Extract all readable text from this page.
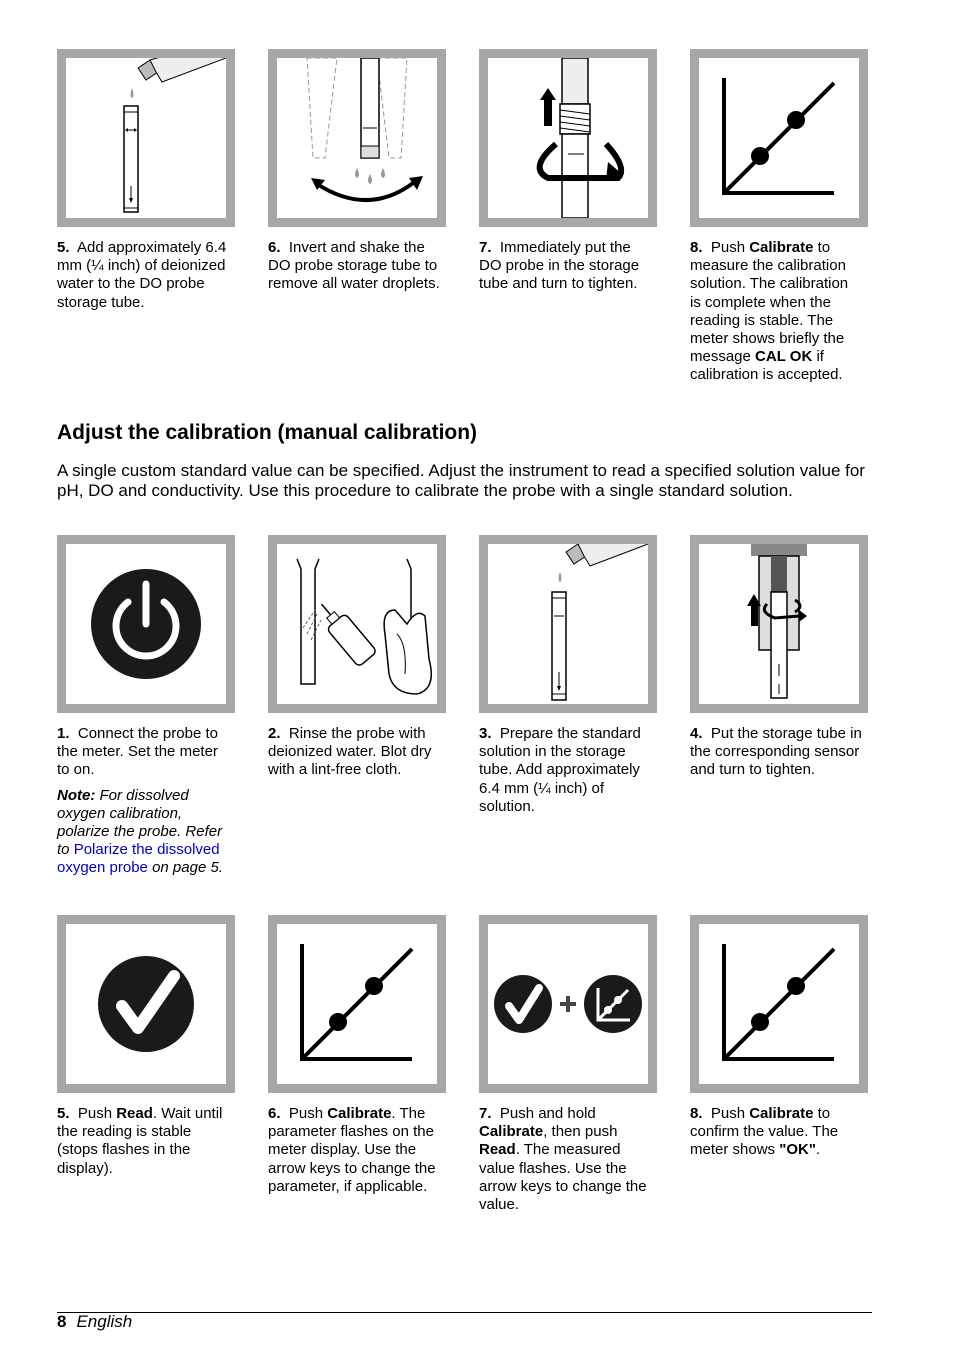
5. Add approximately 6.4 mm (¼ inch) of deionized water to the DO probe storage tube.

6. Invert and shake the DO probe storage tube to remove all water droplets.

7. Immediately put the DO probe in the storage tube and turn to tighten.

8. Push Calibrate to measure the calibration solution. The calibration is complete when the reading is stable. The meter shows briefly the message CAL OK if calibration is accepted.

Adjust the calibration (manual calibration)

A single custom standard value can be specified. Adjust the instrument to read a specified solution value for pH, DO and conductivity. Use this procedure to calibrate the probe with a single standard solution.

1. Connect the probe to the meter. Set the meter to on.

Note: For dissolved oxygen calibration, polarize the probe. Refer to Polarize the dissolved oxygen probe on page 5.

2. Rinse the probe with deionized water. Blot dry with a lint-free cloth.

3. Prepare the standard solution in the storage tube. Add approximately 6.4 mm (¼ inch) of solution.

4. Put the storage tube in the corresponding sensor and turn to tighten.

5. Push Read. Wait until the reading is stable (stops flashes in the display).

6. Push Calibrate. The parameter flashes on the meter display. Use the arrow keys to change the parameter, if applicable.

7. Push and hold Calibrate, then push Read. The measured value flashes. Use the arrow keys to change the value.

8. Push Calibrate to confirm the value. The meter shows "OK".

8 English
